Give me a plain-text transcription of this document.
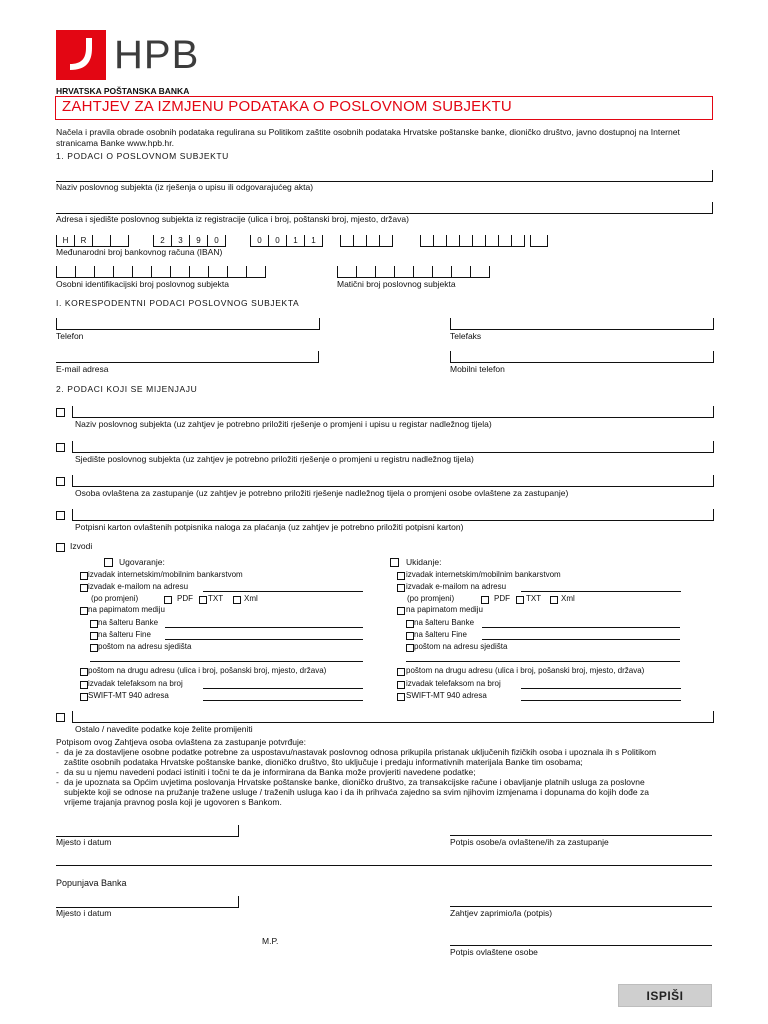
HPB
HRVATSKA POŠTANSKA BANKA
ZAHTJEV ZA IZMJENU PODATAKA O POSLOVNOM SUBJEKTU
Načela i pravila obrade osobnih podataka regulirana su Politikom zaštite osobnih podataka Hrvatske poštanske banke, dioničko društvo, javno dostupnoj na Internet
stranicama Banke www.hpb.hr.
1. PODACI O POSLOVNOM SUBJEKTU
Naziv poslovnog subjekta (iz rješenja o upisu ili odgovarajućeg akta)
Adresa i sjedište poslovnog subjekta iz registracije (ulica i broj, poštanski broj, mjesto, država)
H	R	2	3	9	0	0	0	1	1
Međunarodni broj bankovnog računa (IBAN)
Osobni identifikacijski broj poslovnog subjekta	Matični broj poslovnog subjekta
I. KORESPODENTNI PODACI POSLOVNOG SUBJEKTA
Telefon	Telefaks
E-mail adresa	Mobilni telefon
2. PODACI KOJI SE MIJENJAJU
Naziv poslovnog subjekta (uz zahtjev je potrebno priložiti rješenje o promjeni i upisu u registar nadležnog tijela)
Sjedište poslovnog subjekta (uz zahtjev je potrebno priložiti rješenje o promjeni u registru nadležnog tijela)
Osoba ovlaštena za zastupanje (uz zahtjev je potrebno priložiti rješenje nadležnog tijela o promjeni osobe ovlaštene za zastupanje)
Potpisni karton ovlaštenih potpisnika naloga za plaćanja (uz zahtjev je potrebno priložiti potpisni karton)
Izvodi
Ugovaranje:
izvadak internetskim/mobilnim bankarstvom
izvadak e-mailom na adresu
(po promjeni)	PDF TXT	Xml
na papirnatom mediju
na šalteru Banke
na šalteru Fine
poštom na adresu sjedišta
poštom na drugu adresu (ulica i broj, pošanski broj, mjesto, država)
izvadak telefaksom na broj
SWIFT-MT 940 adresa
Ukidanje:
izvadak internetskim/mobilnim bankarstvom
izvadak e-mailom na adresu
(po promjeni)	PDF TXT Xml
na papirnatom mediju
na šalteru Banke
na šalteru Fine
poštom na adresu sjedišta
poštom na drugu adresu (ulica i broj, pošanski broj, mjesto, država)
izvadak telefaksom na broj
SWIFT-MT 940 adresa
Ostalo / navedite podatke koje želite promijeniti
Potpisom ovog Zahtjeva osoba ovlaštena za zastupanje potvrđuje:
- da je za dostavljene osobne podatke potrebne za uspostavu/nastavak poslovnog odnosa prikupila pristanak uključenih fizičkih osoba i upoznala ih s Politikom
zaštite osobnih podataka Hrvatske poštanske banke, dioničko društvo, što uključuje i predaju informativnih materijala Banke tim osobama;
- da su u njemu navedeni podaci istiniti i točni te da je informirana da Banka može provjeriti navedene podatke;
- da je upoznata sa Općim uvjetima poslovanja Hrvatske poštanske banke, dioničko društvo, za transakcijske račune i obavljanje platnih usluga za poslovne
subjekte koji se odnose na pružanje tražene usluge / traženih usluga kao i da ih prihvaća zajedno sa svim njihovim izmjenama i dopunama do kojih dođe za
vrijeme trajanja pravnog posla koji je ugovoren s Bankom.
Mjesto i datum	Potpis osobe/a ovlaštene/ih za zastupanje
Popunjava Banka
Mjesto i datum	Zahtjev zaprimio/la (potpis)
M.P.
Potpis ovlaštene osobe
ISPIŠI
